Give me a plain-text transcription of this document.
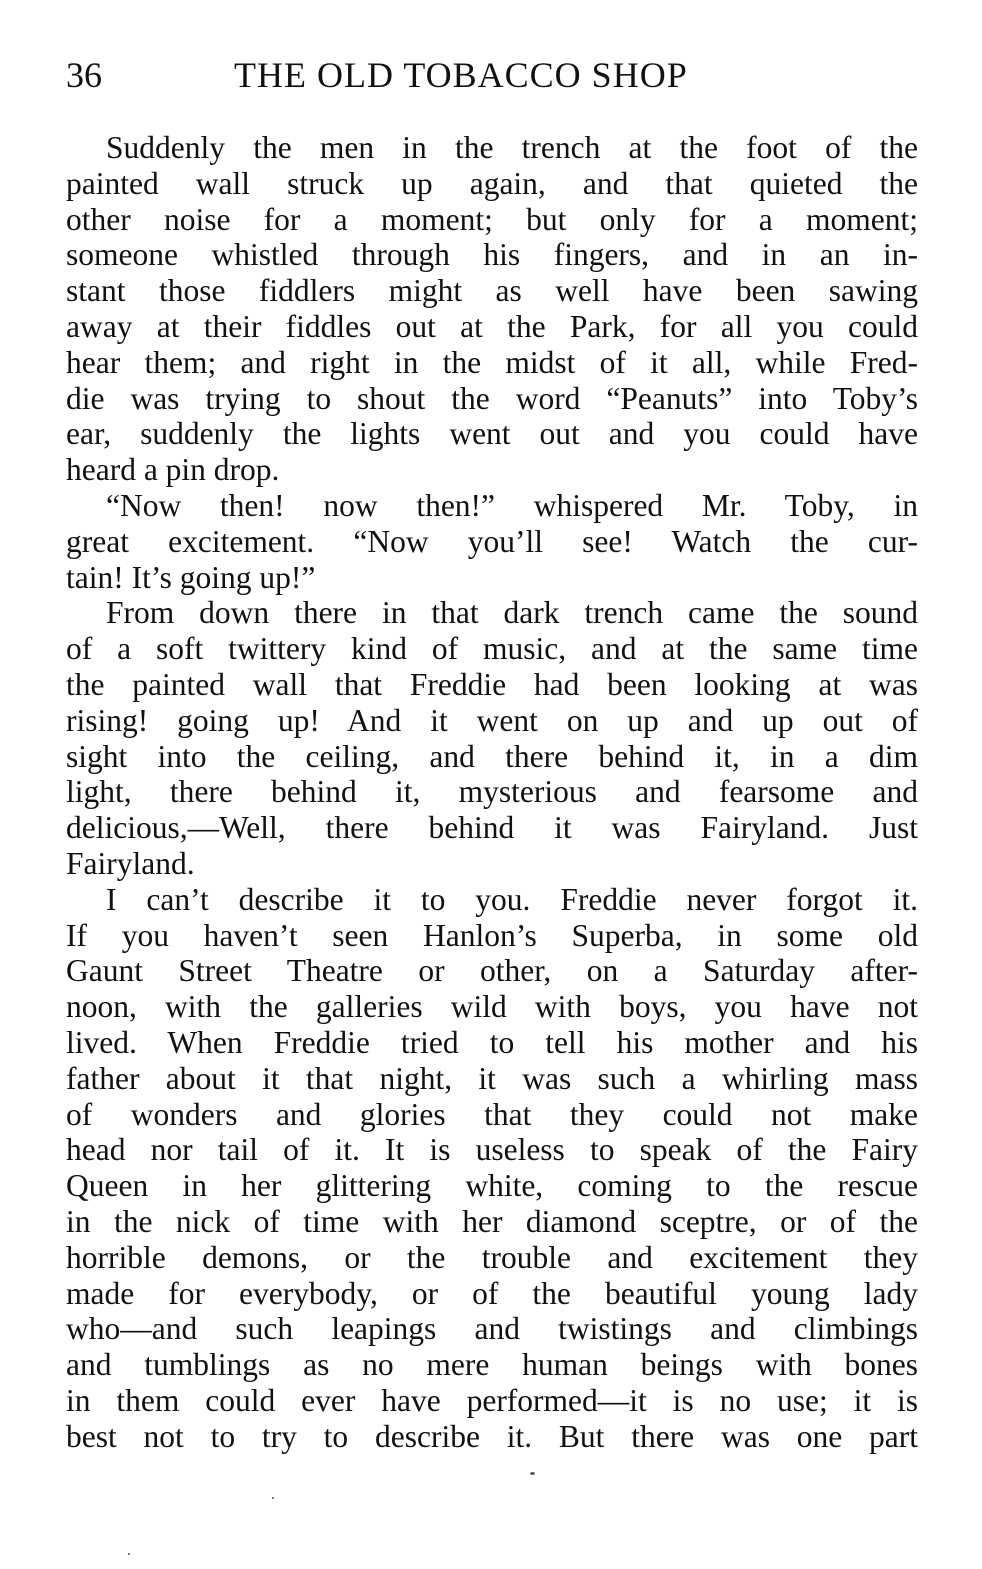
36	THE OLD TOBACCO SHOP
Suddenly the men in the trench at the foot of the
painted wall struck up again, and that quieted the
other noise for a moment; but only for a moment;
someone whistled through his fingers, and in an in-
stant those fiddlers might as well have been sawing
away at their fiddles out at the Park, for all you could
hear them; and right in the midst of it all, while Fred-
die was trying to shout the word “Peanuts” into Toby’s
ear, suddenly the lights went out and you could have
heard a pin drop.
“Now then! now then!” whispered Mr. Toby, in
great excitement. “Now you’ll see! Watch the cur-
tain! It’s going up!”
From down there in that dark trench came the sound
of a soft twittery kind of music, and at the same time
the painted wall that Freddie had been looking at was
rising! going up! And it went on up and up out of
sight into the ceiling, and there behind it, in a dim
light, there behind it, mysterious and fearsome and
delicious,—Well, there behind it was Fairyland. Just
Fairyland.
I can’t describe it to you. Freddie never forgot it.
If you haven’t seen Hanlon’s Superba, in some old
Gaunt Street Theatre or other, on a Saturday after-
noon, with the galleries wild with boys, you have not
lived. When Freddie tried to tell his mother and his
father about it that night, it was such a whirling mass
of wonders and glories that they could not make
head nor tail of it. It is useless to speak of the Fairy
Queen in her glittering white, coming to the rescue
in the nick of time with her diamond sceptre, or of the
horrible demons, or the trouble and excitement they
made for everybody, or of the beautiful young lady
who—and such leapings and twistings and climbings
and tumblings as no mere human beings with bones
in them could ever have performed—it is no use; it is
best not to try to describe it. But there was one part
